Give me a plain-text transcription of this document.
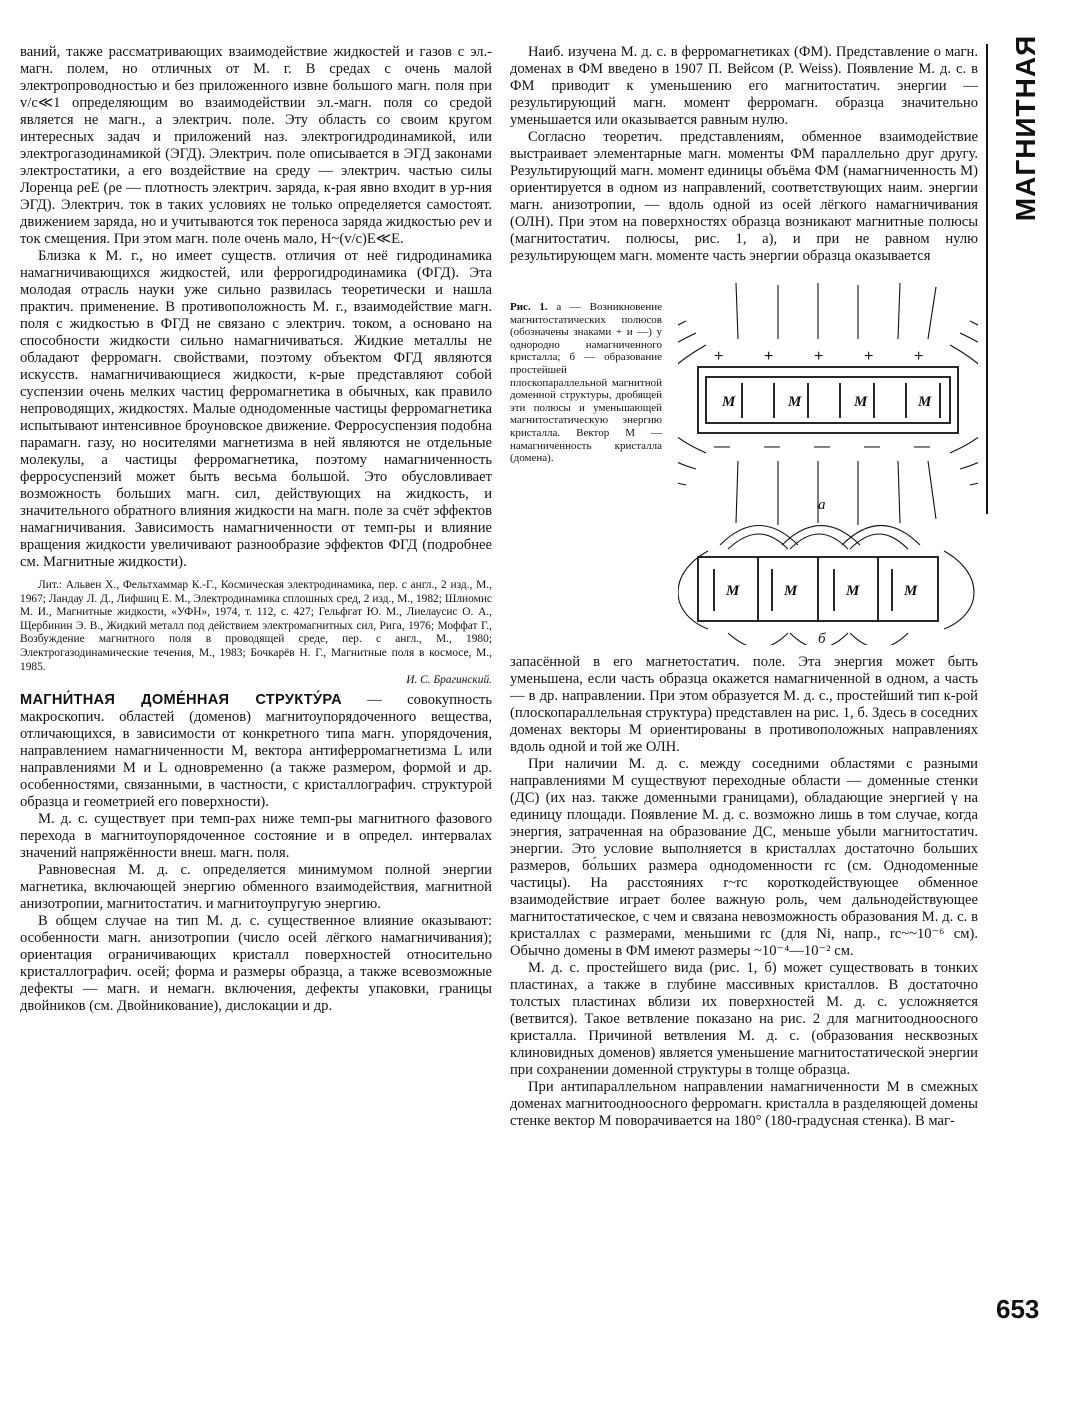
МАГНИТНАЯ

ваний, также рассматривающих взаимодействие жидкостей и газов с эл.-магн. полем, но отличных от М. г. В средах с очень малой электропроводностью и без приложенного извне большого магн. поля при v/c≪1 определяющим во взаимодействии эл.-магн. поля со средой является не магн., а электрич. поле. Эту область со своим кругом интересных задач и приложений наз. электрогидродинамикой, или электрогазодинамикой (ЭГД). Электрич. поле описывается в ЭГД законами электростатики, а его воздействие на среду — электрич. частью силы Лоренца ρeE (ρe — плотность электрич. заряда, к-рая явно входит в ур-ния ЭГД). Электрич. ток в таких условиях не только определяется самостоят. движением заряда, но и учитываются ток переноса заряда жидкостью ρev и ток смещения. При этом магн. поле очень мало, H~(v/c)E≪E.

Близка к М. г., но имеет существ. отличия от неё гидродинамика намагничивающихся жидкостей, или феррогидродинамика (ФГД). Эта молодая отрасль науки уже сильно развилась теоретически и нашла практич. применение. В противоположность М. г., взаимодействие магн. поля с жидкостью в ФГД не связано с электрич. током, а основано на способности жидкости сильно намагничиваться. Жидкие металлы не обладают ферромагн. свойствами, поэтому объектом ФГД являются искусств. намагничивающиеся жидкости, к-рые представляют собой суспензии очень мелких частиц ферромагнетика в обычных, как правило непроводящих, жидкостях. Малые однодоменные частицы ферромагнетика испытывают интенсивное броуновское движение. Ферросуспензия подобна парамагн. газу, но носителями магнетизма в ней являются не отдельные молекулы, а частицы ферромагнетика, поэтому намагниченность ферросуспензий может быть весьма большой. Это обусловливает возможность больших магн. сил, действующих на жидкость, и значительного обратного влияния жидкости на магн. поле за счёт эффектов намагничивания. Зависимость намагниченности от темп-ры и влияние вращения жидкости увеличивают разнообразие эффектов ФГД (подробнее см. Магнитные жидкости).

Лит.: Альвен Х., Фельтхаммар К.-Г., Космическая электродинамика, пер. с англ., 2 изд., М., 1967; Ландау Л. Д., Лифшиц Е. М., Электродинамика сплошных сред, 2 изд., М., 1982; Шлиомис М. И., Магнитные жидкости, «УФН», 1974, т. 112, с. 427; Гельфгат Ю. М., Лиелаусис О. А., Щербинин Э. В., Жидкий металл под действием электромагнитных сил, Рига, 1976; Моффат Г., Возбуждение магнитного поля в проводящей среде, пер. с англ., М., 1980; Электрогазодинамические течения, М., 1983; Бочкарёв Н. Г., Магнитные поля в космосе, М., 1985.
И. С. Брагинский.

МАГНИ́ТНАЯ ДОМЕ́ННАЯ СТРУКТУ́РА — совокупность макроскопич. областей (доменов) магнитоупорядоченного вещества, отличающихся, в зависимости от конкретного типа магн. упорядочения, направлением намагниченности M, вектора антиферромагнетизма L или направлениями M и L одновременно (а также размером, формой и др. особенностями, связанными, в частности, с кристаллографич. структурой образца и геометрией его поверхности).

М. д. с. существует при темп-рах ниже темп-ры магнитного фазового перехода в магнитоупорядоченное состояние и в определ. интервалах значений напряжённости внеш. магн. поля.

Равновесная М. д. с. определяется минимумом полной энергии магнетика, включающей энергию обменного взаимодействия, магнитной анизотропии, магнитостатич. и магнитоупругую энергию.

В общем случае на тип М. д. с. существенное влияние оказывают: особенности магн. анизотропии (число осей лёгкого намагничивания); ориентация ограничивающих кристалл поверхностей относительно кристаллографич. осей; форма и размеры образца, а также всевозможные дефекты — магн. и немагн. включения, дефекты упаковки, границы двойников (см. Двойникование), дислокации и др.

Наиб. изучена М. д. с. в ферромагнетиках (ФМ). Представление о магн. доменах в ФМ введено в 1907 П. Вейсом (P. Weiss). Появление М. д. с. в ФМ приводит к уменьшению его магнитостатич. энергии — результирующий магн. момент ферромагн. образца значительно уменьшается или оказывается равным нулю.

Согласно теоретич. представлениям, обменное взаимодействие выстраивает элементарные магн. моменты ФМ параллельно друг другу. Результирующий магн. момент единицы объёма ФМ (намагниченность M) ориентируется в одном из направлений, соответствующих наим. энергии магн. анизотропии, — вдоль одной из осей лёгкого намагничивания (ОЛН). При этом на поверхностях образца возникают магнитные полюсы (магнитостатич. полюсы, рис. 1, а), и при не равном нулю результирующем магн. моменте часть энергии образца оказывается

Рис. 1. а — Возникновение магнитостатических полюсов (обозначены знаками + и —) у однородно намагниченного кристалла; б — образование простейшей плоскопараллельной магнитной доменной структуры, дробящей эти полюсы и уменьшающей магнитостатическую энергию кристалла. Вектор M — намагниченность кристалла (домена).
M	M	M	M
+	+	+	+	+
— — — — —
а
M	M	M	M
б

запасённой в его магнетостатич. поле. Эта энергия может быть уменьшена, если часть образца окажется намагниченной в одном, а часть — в др. направлении. При этом образуется М. д. с., простейший тип к-рой (плоскопараллельная структура) представлен на рис. 1, б. Здесь в соседних доменах векторы M ориентированы в противоположных направлениях вдоль одной и той же ОЛН.

При наличии М. д. с. между соседними областями с разными направлениями M существуют переходные области — доменные стенки (ДС) (их наз. также доменными границами), обладающие энергией γ на единицу площади. Появление М. д. с. возможно лишь в том случае, когда энергия, затраченная на образование ДС, меньше убыли магнитостатич. энергии. Это условие выполняется в кристаллах достаточно больших размеров, бо́льших размера однодоменности rc (см. Однодоменные частицы). На расстояниях r~rc короткодействующее обменное взаимодействие играет более важную роль, чем дальнодействующее магнитостатическое, с чем и связана невозможность образования М. д. с. в кристаллах с размерами, меньшими rc (для Ni, напр., rc~~10⁻⁶ см). Обычно домены в ФМ имеют размеры ~10⁻⁴—10⁻² см.

М. д. с. простейшего вида (рис. 1, б) может существовать в тонких пластинах, а также в глубине массивных кристаллов. В достаточно толстых пластинах вблизи их поверхностей М. д. с. усложняется (ветвится). Такое ветвление показано на рис. 2 для магнитоодноосного кристалла. Причиной ветвления М. д. с. (образования несквозных клиновидных доменов) является уменьшение магнитостатической энергии при сохранении доменной структуры в толще образца.

При антипараллельном направлении намагниченности M в смежных доменах магнитоодноосного ферромагн. кристалла в разделяющей домены стенке вектор M поворачивается на 180° (180-градусная стенка). В маг-

653
